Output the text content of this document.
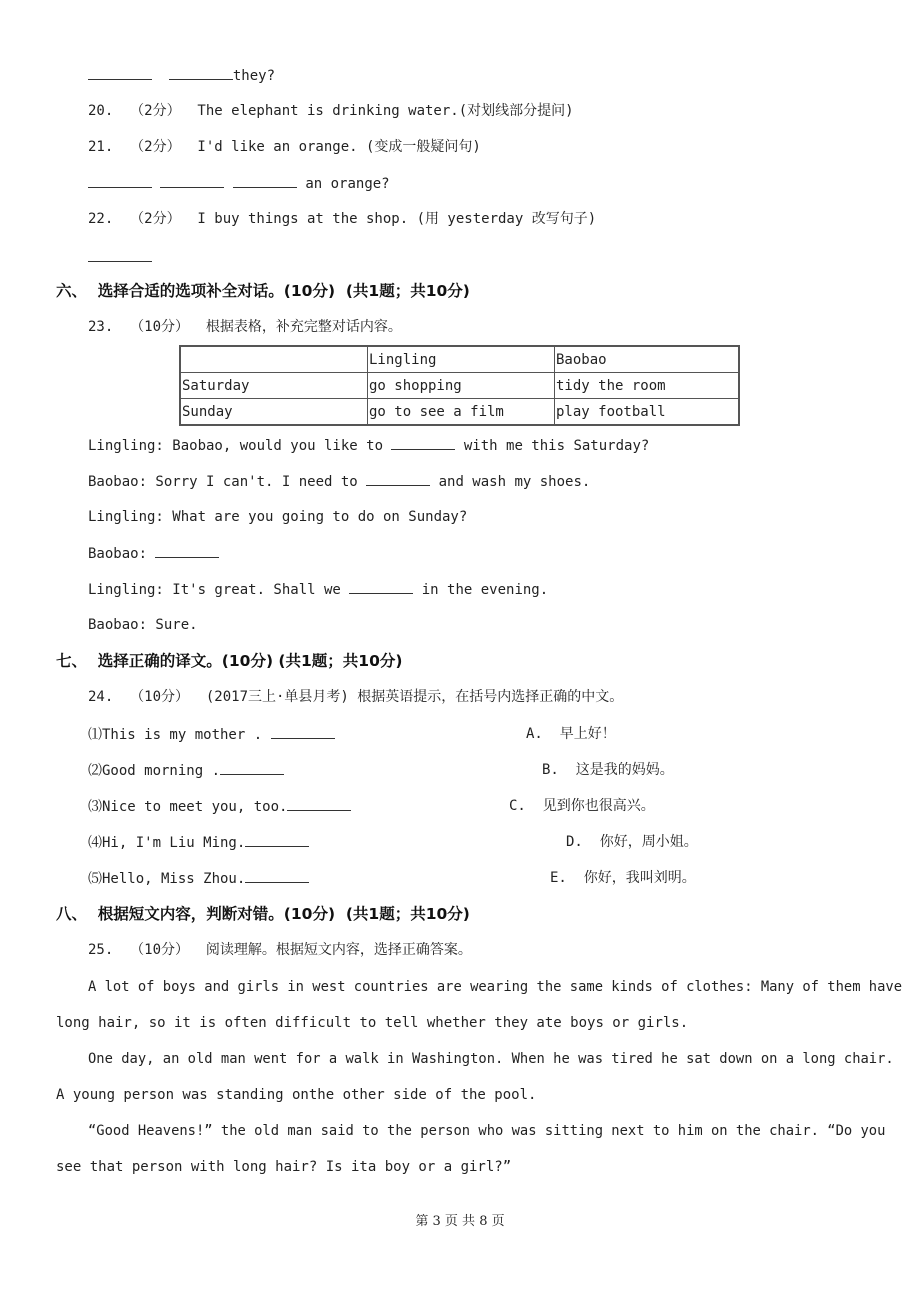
they?
20.  （2分）  The elephant is drinking water.(对划线部分提问)
21.  （2分）  I'd like an orange. (变成一般疑问句)
an orange?
22.  （2分）  I buy things at the shop. (用 yesterday 改写句子)
六、  选择合适的选项补全对话。(10分)  (共1题；共10分)
23.  （10分）  根据表格，补充完整对话内容。
	Lingling	Baobao
Saturday	go shopping	tidy the room
Sunday	go to see a film	play football
Lingling: Baobao, would you like to	with me this Saturday?
Baobao: Sorry I can't. I need to	and wash my shoes.
Lingling: What are you going to do on Sunday?
Baobao:
Lingling: It's great. Shall we	in the evening.
Baobao: Sure.
七、  选择正确的译文。(10分) (共1题；共10分)
24.  （10分）  (2017三上·单县月考) 根据英语提示，在括号内选择正确的中文。
⑴This is my mother .	A.  早上好！
⑵Good morning .	B.  这是我的妈妈。
⑶Nice to meet you, too.	C.  见到你也很高兴。
⑷Hi, I'm Liu Ming.	D.  你好，周小姐。
⑸Hello, Miss Zhou.	E.  你好，我叫刘明。
八、  根据短文内容，判断对错。(10分)  (共1题；共10分)
25.  （10分）  阅读理解。根据短文内容，选择正确答案。
A lot of boys and girls in west countries are wearing the same kinds of clothes: Many of them have
long hair, so it is often difficult to tell whether they ate boys or girls.
One day, an old man went for a walk in Washington. When he was tired he sat down on a long chair.
A young person was standing onthe other side of the pool.
“Good Heavens!” the old man said to the person who was sitting next to him on the chair. “Do you
see that person with long hair? Is ita boy or a girl?”
第 3 页 共 8 页
